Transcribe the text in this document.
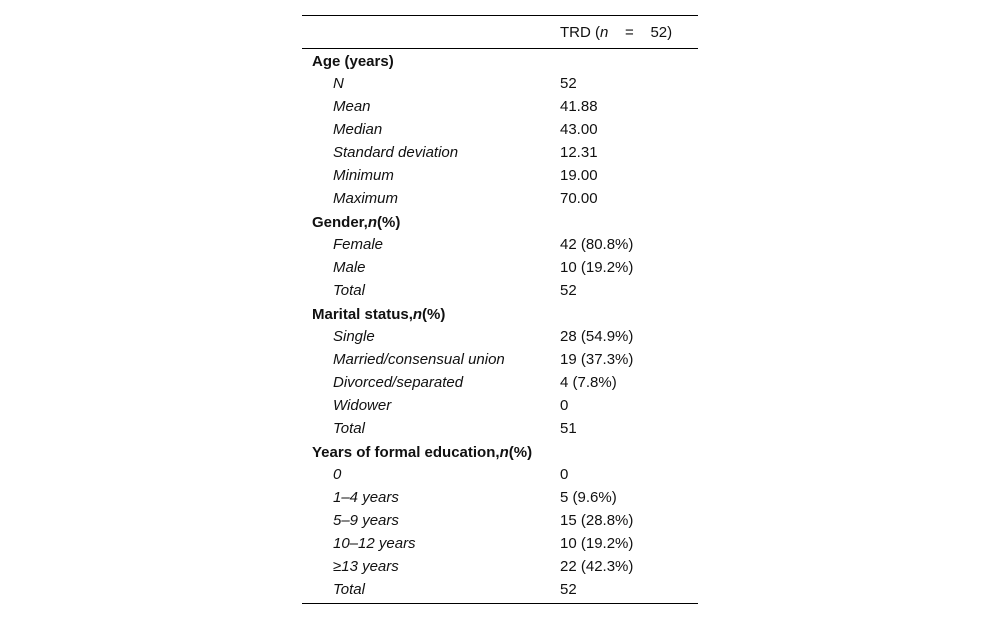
TRD (n    =    52)
Age (years)
N	52
Mean	41.88
Median	43.00
Standard deviation	12.31
Minimum	19.00
Maximum	70.00
Gender,n(%)
Female	42 (80.8%)
Male	10 (19.2%)
Total	52
Marital status,n(%)
Single	28 (54.9%)
Married/consensual union	19 (37.3%)
Divorced/separated	4 (7.8%)
Widower	0
Total	51
Years of formal education,n(%)
0	0
1–4 years	5 (9.6%)
5–9 years	15 (28.8%)
10–12 years	10 (19.2%)
≥13 years	22 (42.3%)
Total	52
